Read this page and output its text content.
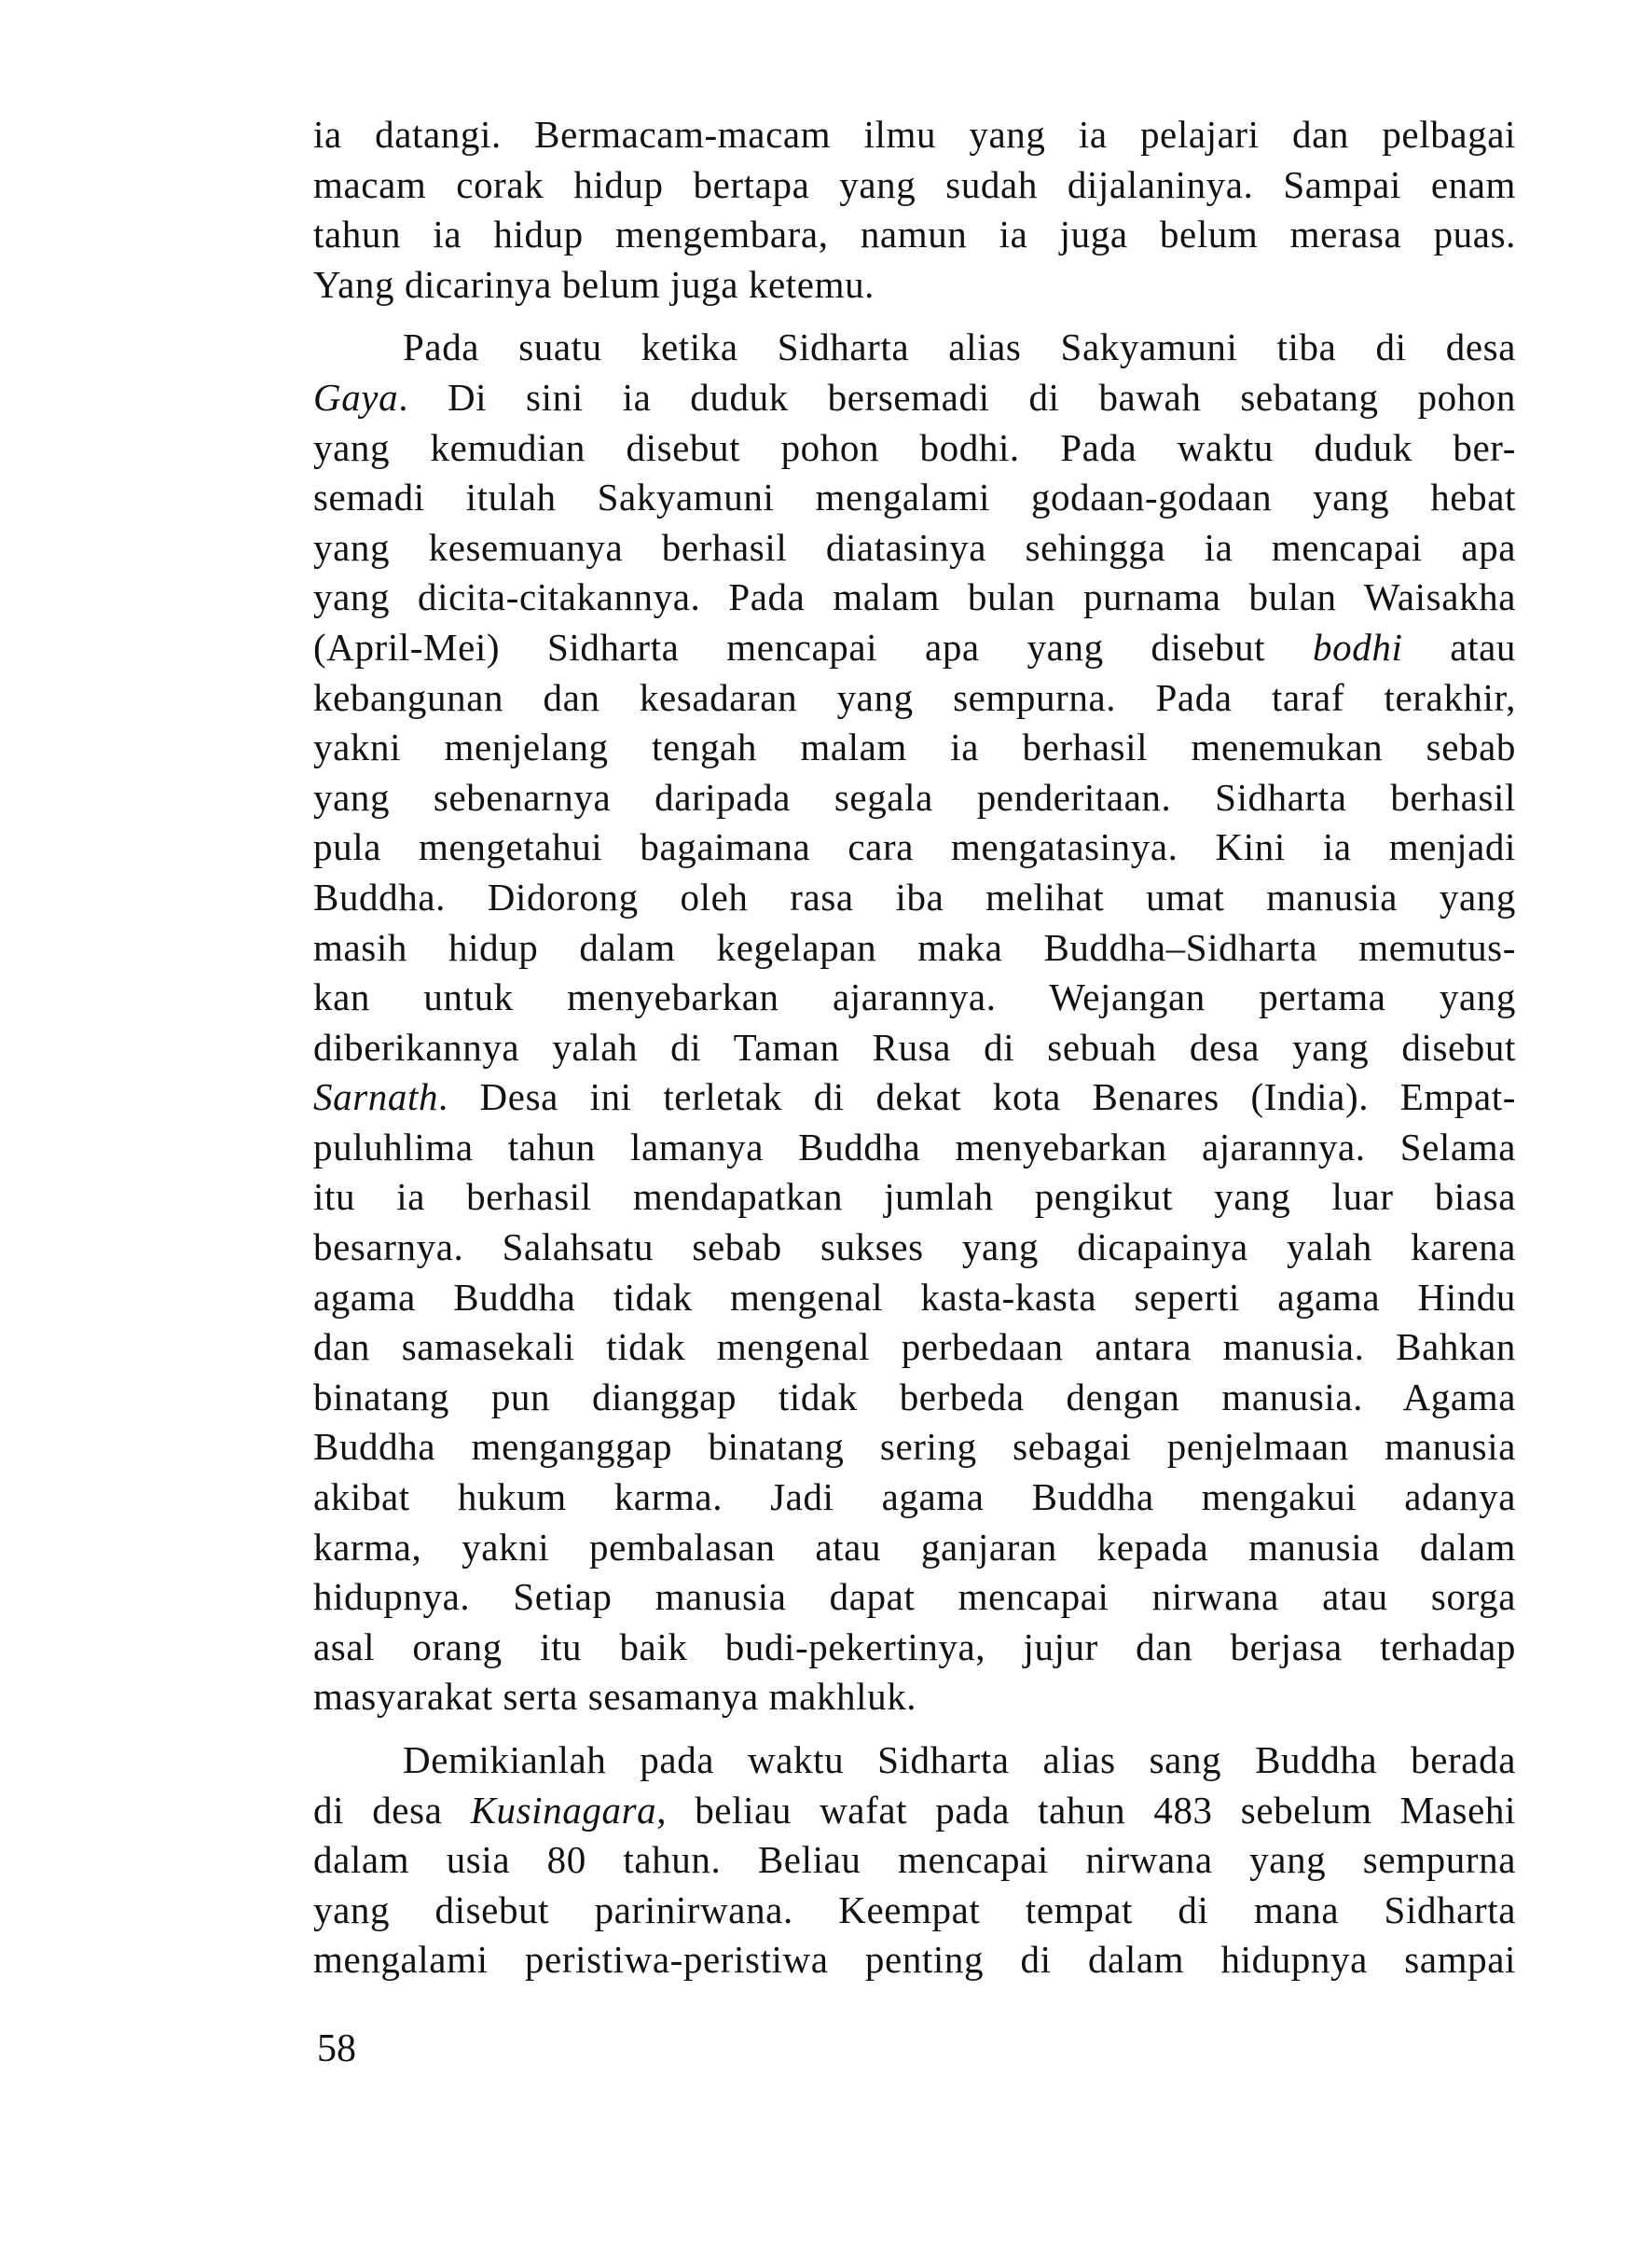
ia datangi. Bermacam-macam ilmu yang ia pelajari dan pelbagai
macam corak hidup bertapa yang sudah dijalaninya. Sampai enam
tahun ia hidup mengembara, namun ia juga belum merasa puas.
Yang dicarinya belum juga ketemu.
Pada suatu ketika Sidharta alias Sakyamuni tiba di desa
Gaya. Di sini ia duduk bersemadi di bawah sebatang pohon
yang kemudian disebut pohon bodhi. Pada waktu duduk ber-
semadi itulah Sakyamuni mengalami godaan-godaan yang hebat
yang kesemuanya berhasil diatasinya sehingga ia mencapai apa
yang dicita-citakannya. Pada malam bulan purnama bulan Waisakha
(April-Mei) Sidharta mencapai apa yang disebut bodhi atau
kebangunan dan kesadaran yang sempurna. Pada taraf terakhir,
yakni menjelang tengah malam ia berhasil menemukan sebab
yang sebenarnya daripada segala penderitaan. Sidharta berhasil
pula mengetahui bagaimana cara mengatasinya. Kini ia menjadi
Buddha. Didorong oleh rasa iba melihat umat manusia yang
masih hidup dalam kegelapan maka Buddha–Sidharta memutus-
kan untuk menyebarkan ajarannya. Wejangan pertama yang
diberikannya yalah di Taman Rusa di sebuah desa yang disebut
Sarnath. Desa ini terletak di dekat kota Benares (India). Empat-
puluhlima tahun lamanya Buddha menyebarkan ajarannya. Selama
itu ia berhasil mendapatkan jumlah pengikut yang luar biasa
besarnya. Salahsatu sebab sukses yang dicapainya yalah karena
agama Buddha tidak mengenal kasta-kasta seperti agama Hindu
dan samasekali tidak mengenal perbedaan antara manusia. Bahkan
binatang pun dianggap tidak berbeda dengan manusia. Agama
Buddha menganggap binatang sering sebagai penjelmaan manusia
akibat hukum karma. Jadi agama Buddha mengakui adanya
karma, yakni pembalasan atau ganjaran kepada manusia dalam
hidupnya. Setiap manusia dapat mencapai nirwana atau sorga
asal orang itu baik budi-pekertinya, jujur dan berjasa terhadap
masyarakat serta sesamanya makhluk.
Demikianlah pada waktu Sidharta alias sang Buddha berada
di desa Kusinagara, beliau wafat pada tahun 483 sebelum Masehi
dalam usia 80 tahun. Beliau mencapai nirwana yang sempurna
yang disebut parinirwana. Keempat tempat di mana Sidharta
mengalami peristiwa-peristiwa penting di dalam hidupnya sampai
58
